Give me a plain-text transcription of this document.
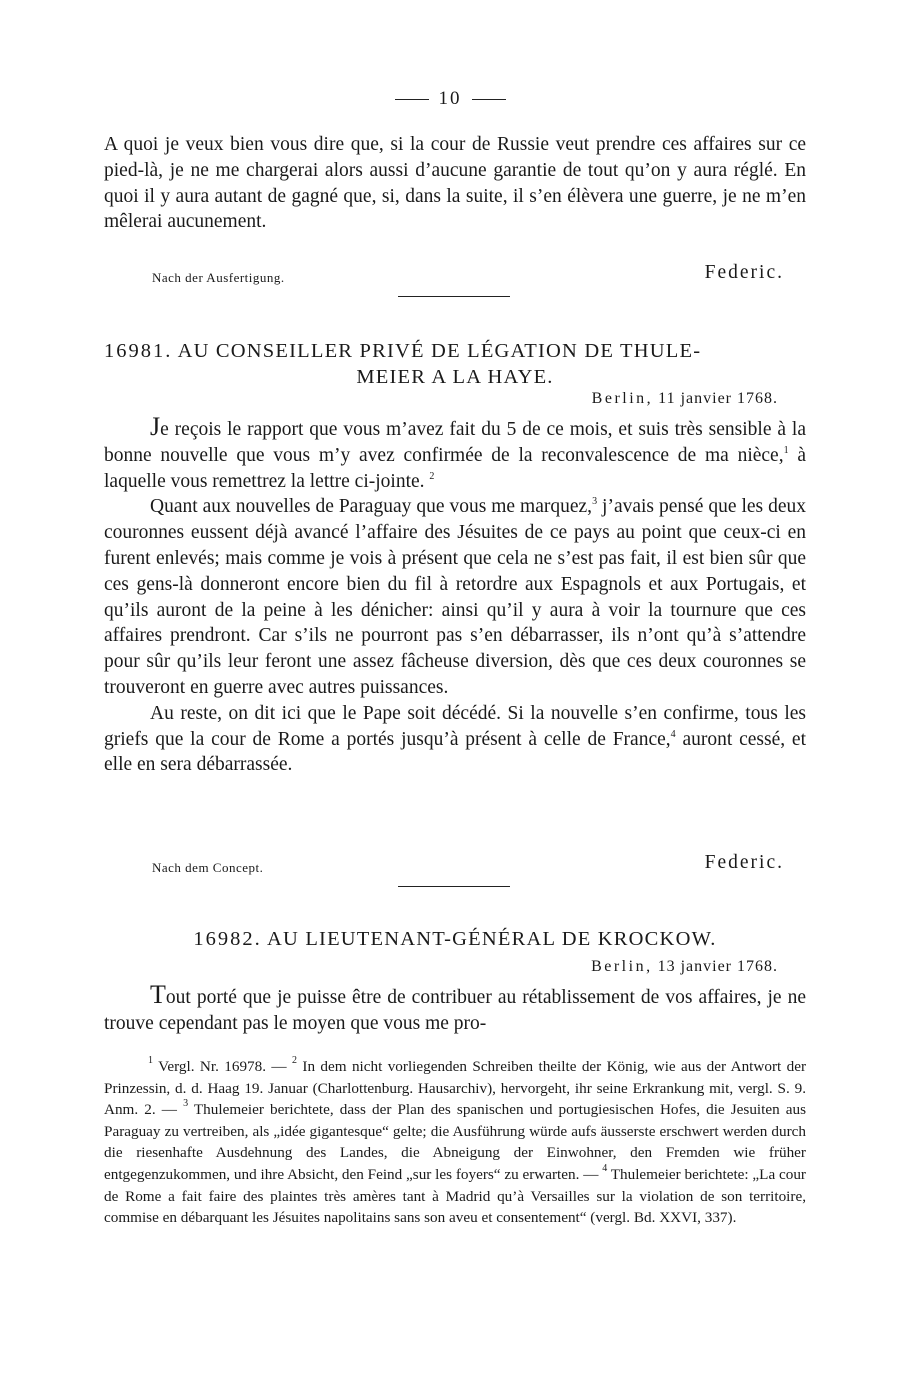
10

A quoi je veux bien vous dire que, si la cour de Russie veut prendre ces affaires sur ce pied-là, je ne me chargerai alors aussi d’aucune garantie de tout qu’on y aura réglé. En quoi il y aura autant de gagné que, si, dans la suite, il s’en élèvera une guerre, je ne m’en mêlerai aucunement.

Nach der Ausfertigung.	Federic.
16981. AU CONSEILLER PRIVÉ DE LÉGATION DE THULE-
MEIER A LA HAYE.
Berlin, 11 janvier 1768.

Je reçois le rapport que vous m’avez fait du 5 de ce mois, et suis très sensible à la bonne nouvelle que vous m’y avez confirmée de la reconvalescence de ma nièce,$^1$ à laquelle vous remettrez la lettre ci-jointe. $^2$

Quant aux nouvelles de Paraguay que vous me marquez,$^3$ j’avais pensé que les deux couronnes eussent déjà avancé l’affaire des Jésuites de ce pays au point que ceux-ci en furent enlevés; mais comme je vois à présent que cela ne s’est pas fait, il est bien sûr que ces gens-là donneront encore bien du fil à retordre aux Espagnols et aux Portugais, et qu’ils auront de la peine à les dénicher: ainsi qu’il y aura à voir la tournure que ces affaires prendront. Car s’ils ne pourront pas s’en débarrasser, ils n’ont qu’à s’attendre pour sûr qu’ils leur feront une assez fâcheuse diversion, dès que ces deux couronnes se trouveront en guerre avec autres puissances.

Au reste, on dit ici que le Pape soit décédé. Si la nouvelle s’en confirme, tous les griefs que la cour de Rome a portés jusqu’à présent à celle de France,$^4$ auront cessé, et elle en sera débarrassée.

Nach dem Concept.	Federic.
16982. AU LIEUTENANT-GÉNÉRAL DE KROCKOW.
Berlin, 13 janvier 1768.

Tout porté que je puisse être de contribuer au rétablissement de vos affaires, je ne trouve cependant pas le moyen que vous me pro-

$^1$ Vergl. Nr. 16978. — $^2$ In dem nicht vorliegenden Schreiben theilte der König, wie aus der Antwort der Prinzessin, d. d. Haag 19. Januar (Charlottenburg. Hausarchiv), hervorgeht, ihr seine Erkrankung mit, vergl. S. 9. Anm. 2. — $^3$ Thulemeier berichtete, dass der Plan des spanischen und portugiesischen Hofes, die Jesuiten aus Paraguay zu vertreiben, als „idée gigantesque“ gelte; die Ausführung würde aufs äusserste erschwert werden durch die riesenhafte Ausdehnung des Landes, die Abneigung der Einwohner, den Fremden wie früher entgegenzukommen, und ihre Absicht, den Feind „sur les foyers“ zu erwarten. — $^4$ Thulemeier berichtete: „La cour de Rome a fait faire des plaintes très amères tant à Madrid qu’à Versailles sur la violation de son territoire, commise en débarquant les Jésuites napolitains sans son aveu et consentement“ (vergl. Bd. XXVI, 337).
